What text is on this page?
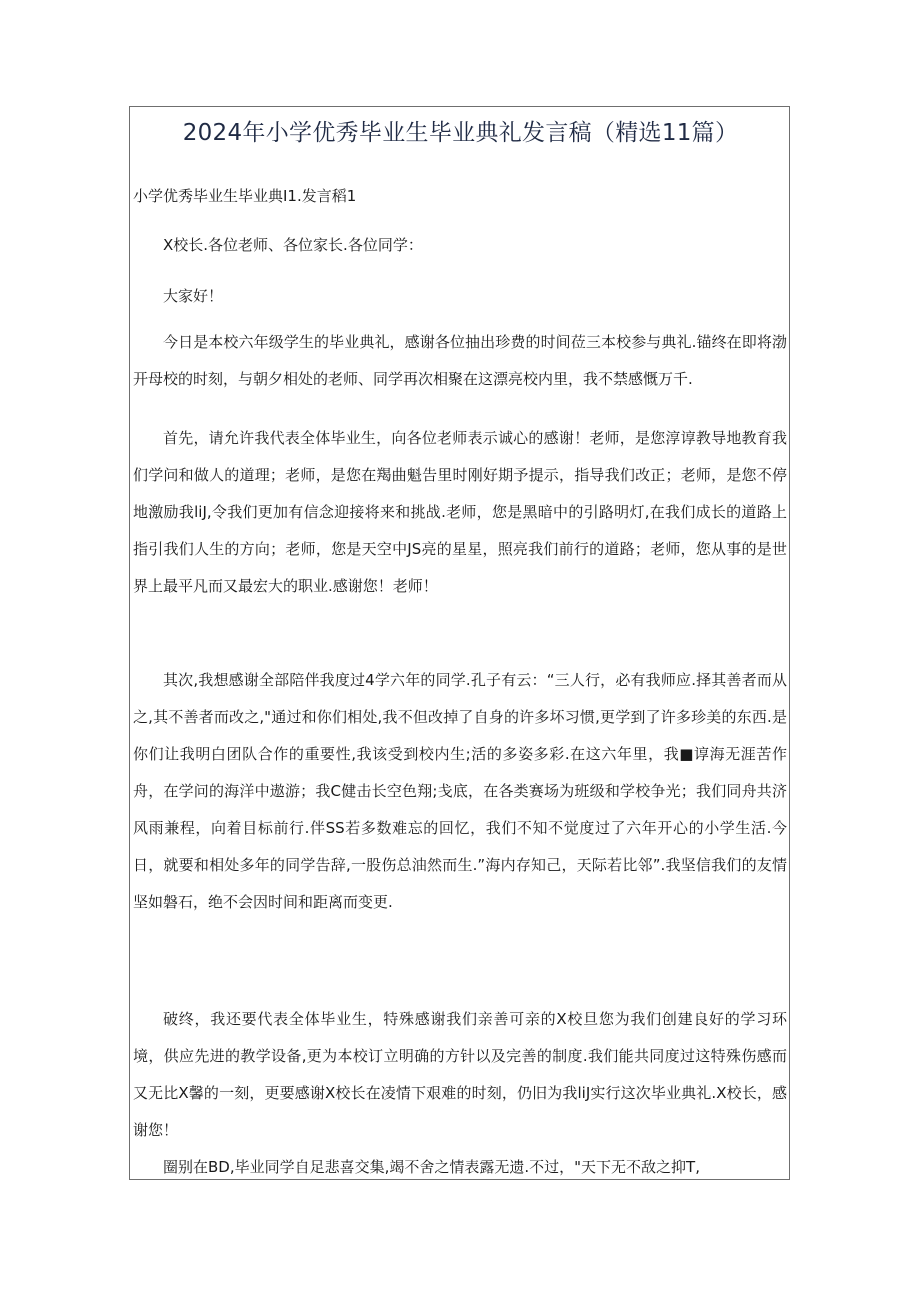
2024年小学优秀毕业生毕业典礼发言稿（精选11篇）
小学优秀毕业生毕业典I1.发言稻1

X校长.各位老师、各位家长.各位同学：

大家好！

今日是本校六年级学生的毕业典礼，感谢各位抽出珍费的时间莅三本校参与典礼.锚终在即将渤开母校的时刻，与朝夕相处的老师、同学再次相聚在这漂亮校内里，我不禁感慨万千.

首先，请允许我代表全体毕业生，向各位老师表示诚心的感谢！老师，是您淳谆教导地教育我们学问和做人的道理；老师，是您在羯曲魁告里时刚好期予提示，指导我们改正；老师，是您不停地激励我liJ,令我们更加有信念迎接将来和挑战.老师，您是黑暗中的引路明灯,在我们成长的道路上指引我们人生的方向；老师，您是天空中JS亮的星星，照亮我们前行的道路；老师，您从事的是世界上最平凡而又最宏大的职业.感谢您！老师！

其次,我想感谢全部陪伴我度过4学六年的同学.孔子有云：“三人行，必有我师应.择其善者而从之,其不善者而改之,"通过和你们相处,我不但改掉了自身的许多坏习惯,更学到了许多珍美的东西.是你们让我明白团队合作的重要性,我该受到校内生;活的多姿多彩.在这六年里，我■谆海无涯苦作舟，在学问的海洋中遨游；我C健击长空色翔;戋底，在各类赛场为班级和学校争光；我们同舟共济风雨兼程，向着目标前行.伴SS若多数难忘的回忆，我们不知不觉度过了六年开心的小学生活.今日，就要和相处多年的同学告辞,一股伤总油然而生.”海内存知己，天际若比邻”.我坚信我们的友情坚如磐石，绝不会因时间和距离而变更.

破终，我还要代表全体毕业生，特殊感谢我们亲善可亲的X校旦您为我们创建良好的学习环境，供应先进的教学设备,更为本校订立明确的方针以及完善的制度.我们能共同度过这特殊伤感而又无比X馨的一刻，更要感谢X校长在凌情下艰难的时刻，仍旧为我liJ实行这次毕业典礼.X校长，感谢您！

圈别在BD,毕业同学自足悲喜交集,竭不舍之情表露无遗.不过，"天下无不敌之抑T,
